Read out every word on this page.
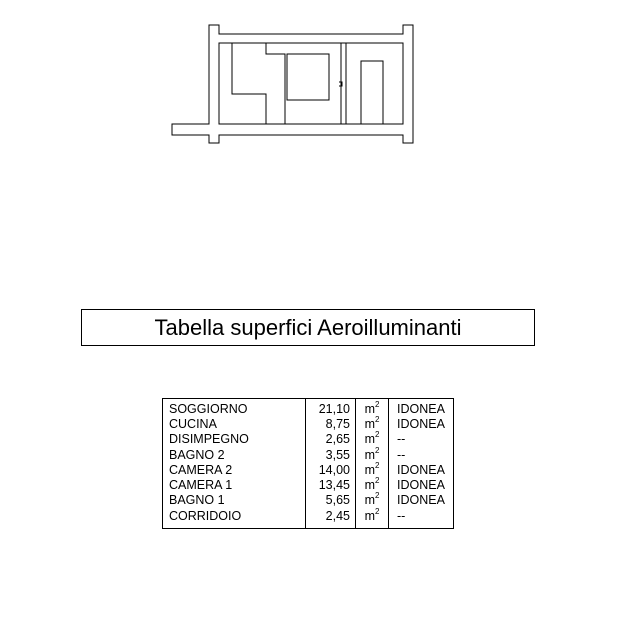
Tabella superfici Aeroilluminanti
SOGGIORNO	21,10	$m^2$	IDONEA
CUCINA	8,75	$m^2$	IDONEA
DISIMPEGNO	2,65	$m^2$	--
BAGNO 2	3,55	$m^2$	--
CAMERA 2	14,00	$m^2$	IDONEA
CAMERA 1	13,45	$m^2$	IDONEA
BAGNO 1	5,65	$m^2$	IDONEA
CORRIDOIO	2,45	$m^2$	--
